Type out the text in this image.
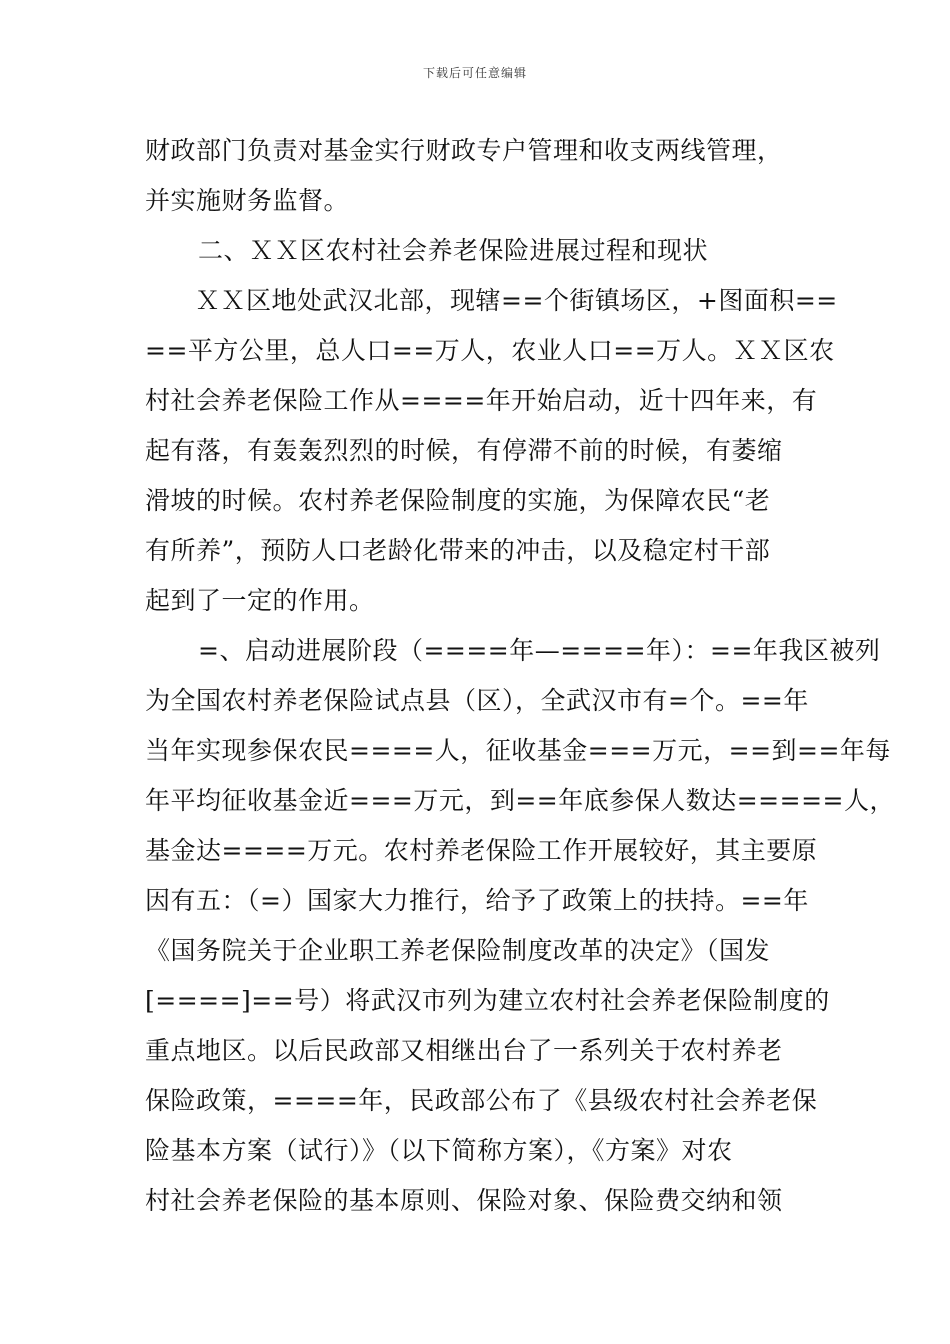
下载后可任意编辑
财政部门负责对基金实行财政专户管理和收支两线管理，
并实施财务监督。
二、ＸＸ区农村社会养老保险进展过程和现状
ＸＸ区地处武汉北部，现辖==个街镇场区，+图面积==
==平方公里，总人口==万人，农业人口==万人。ＸＸ区农
村社会养老保险工作从====年开始启动，近十四年来，有
起有落，有轰轰烈烈的时候，有停滞不前的时候，有萎缩
滑坡的时候。农村养老保险制度的实施，为保障农民“老
有所养”，预防人口老龄化带来的冲击，以及稳定村干部
起到了一定的作用。
=、启动进展阶段（====年—====年）：==年我区被列
为全国农村养老保险试点县（区），全武汉市有=个。==年
当年实现参保农民====人，征收基金===万元，==到==年每
年平均征收基金近===万元，到==年底参保人数达=====人，
基金达====万元。农村养老保险工作开展较好，其主要原
因有五：（=）国家大力推行，给予了政策上的扶持。==年
《国务院关于企业职工养老保险制度改革的决定》（国发
[====]==号）将武汉市列为建立农村社会养老保险制度的
重点地区。以后民政部又相继出台了一系列关于农村养老
保险政策，====年，民政部公布了《县级农村社会养老保
险基本方案（试行）》（以下简称方案），《方案》对农
村社会养老保险的基本原则、保险对象、保险费交纳和领
